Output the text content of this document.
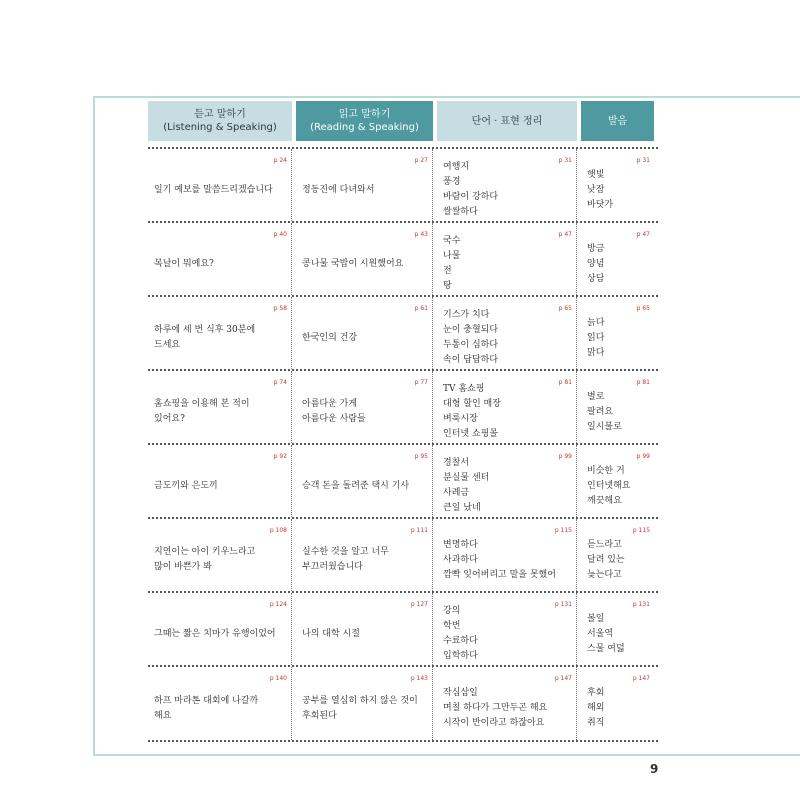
듣고 말하기
(Listening & Speaking)
읽고 말하기
(Reading & Speaking)
단어 · 표현 정리	발음
p 24
일기 예보를 말씀드리겠습니다
p 27
정동진에 다녀와서
p 31
여행지
풍경
바람이 강하다
쌀쌀하다
p 31
햇빛
낮잠
바닷가
p 40
복날이 뭐예요?
p 43
콩나물 국밥이 시원했어요
p 47
국수
나물
전
탕
p 47
방금
양념
상담
p 58
하루에 세 번 식후 30분에
드세요
p 61
한국인의 건강
p 65
기스가 치다
눈이 충혈되다
두통이 심하다
속이 답답하다
p 65
늙다
읽다
맑다
p 74
홈쇼핑을 이용해 본 적이
있어요?
p 77
아름다운 가게
아름다운 사람들
p 81
TV 홈쇼핑
대형 할인 매장
벼룩시장
인터넷 쇼핑몰
p 81
별로
팔려요
일시불로
p 92
금도끼와 은도끼
p 95
승객 돈을 돌려준 택시 기사
p 99
경찰서
분실물 센터
사례금
큰일 났네
p 99
비슷한 거
인터넷해요
깨끗해요
p 108
지연이는 아이 키우느라고
많이 바쁜가 봐
p 111
실수한 것을 알고 너무
부끄러웠습니다
p 115
변명하다
사과하다
깜빡 잊어버리고 말을 못했어
p 115
듣느라고
달려 있는
늦는다고
p 124
그때는 짧은 치마가 유행이었어
p 127
나의 대학 시절
p 131
강의
학번
수료하다
입학하다
p 131
볼일
서울역
스물 여덟
p 140
하프 마라톤 대회에 나갈까
해요
p 143
공부를 열심히 하지 않은 것이
후회된다
p 147
작심삼일
며칠 하다가 그만두곤 해요
시작이 반이라고 하잖아요
p 147
후회
해외
취직
9
